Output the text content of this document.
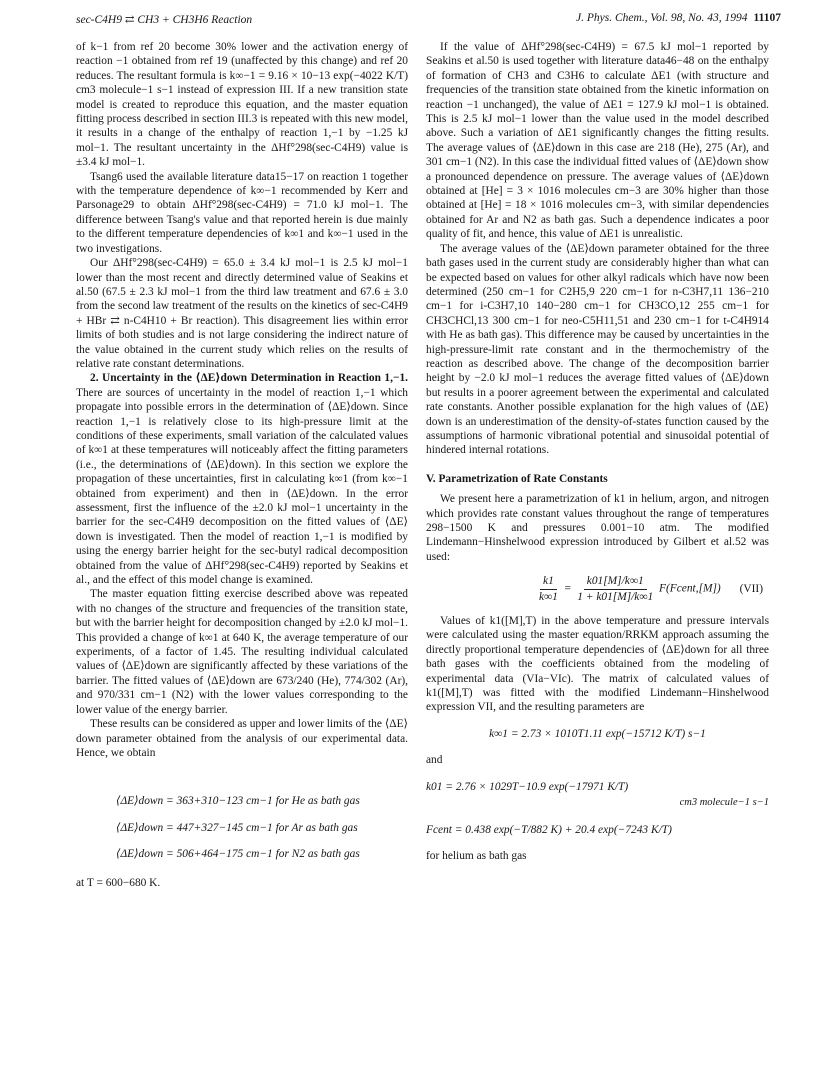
sec-C4H9 ⇄ CH3 + CH3H6 Reaction	J. Phys. Chem., Vol. 98, No. 43, 1994 11107

of k−1 from ref 20 become 30% lower and the activation energy of reaction −1 obtained from ref 19 (unaffected by this change) and ref 20 reduces. The resultant formula is k∞−1 = 9.16 × 10−13 exp(−4022 K/T) cm3 molecule−1 s−1 instead of expression III. If a new transition state model is created to reproduce this equation, and the master equation fitting process described in section III.3 is repeated with this new model, it results in a change of the enthalpy of reaction 1,−1 by −1.25 kJ mol−1. The resultant uncertainty in the ΔHf°298(sec-C4H9) value is ±3.4 kJ mol−1.

Tsang6 used the available literature data15−17 on reaction 1 together with the temperature dependence of k∞−1 recommended by Kerr and Parsonage29 to obtain ΔHf°298(sec-C4H9) = 71.0 kJ mol−1. The difference between Tsang's value and that reported herein is due mainly to the different temperature dependencies of k∞1 and k∞−1 used in the two investigations.

Our ΔHf°298(sec-C4H9) = 65.0 ± 3.4 kJ mol−1 is 2.5 kJ mol−1 lower than the most recent and directly determined value of Seakins et al.50 (67.5 ± 2.3 kJ mol−1 from the third law treatment and 67.6 ± 3.0 from the second law treatment of the results on the kinetics of sec-C4H9 + HBr ⇄ n-C4H10 + Br reaction). This disagreement lies within error limits of both studies and is not large considering the indirect nature of the value obtained in the current study which relies on the results of relative rate constant determinations.

2. Uncertainty in the ⟨ΔE⟩down Determination in Reaction 1,−1. There are sources of uncertainty in the model of reaction 1,−1 which propagate into possible errors in the determination of ⟨ΔE⟩down. Since reaction 1,−1 is relatively close to its high-pressure limit at the conditions of these experiments, small variation of the calculated values of k∞1 at these temperatures will noticeably affect the fitting parameters (i.e., the determinations of ⟨ΔE⟩down). In this section we explore the propagation of these uncertainties, first in calculating k∞1 (from k∞−1 obtained from experiment) and then in ⟨ΔE⟩down. In the error assessment, first the influence of the ±2.0 kJ mol−1 uncertainty in the barrier for the sec-C4H9 decomposition on the fitted values of ⟨ΔE⟩down is investigated. Then the model of reaction 1,−1 is modified by using the energy barrier height for the sec-butyl radical decomposition obtained from the value of ΔHf°298(sec-C4H9) reported by Seakins et al., and the effect of this model change is examined.

The master equation fitting exercise described above was repeated with no changes of the structure and frequencies of the transition state, but with the barrier height for decomposition changed by ±2.0 kJ mol−1. This provided a change of k∞1 at 640 K, the average temperature of our experiments, of a factor of 1.45. The resulting individual calculated values of ⟨ΔE⟩down are significantly affected by these variations of the barrier. The fitted values of ⟨ΔE⟩down are 673/240 (He), 774/302 (Ar), and 970/331 cm−1 (N2) with the lower values corresponding to the lower value of the energy barrier.

These results can be considered as upper and lower limits of the ⟨ΔE⟩down parameter obtained from the analysis of our experimental data. Hence, we obtain

⟨ΔE⟩down = 363+310−123 cm−1 for He as bath gas
⟨ΔE⟩down = 447+327−145 cm−1 for Ar as bath gas
⟨ΔE⟩down = 506+464−175 cm−1 for N2 as bath gas

at T = 600−680 K.

If the value of ΔHf°298(sec-C4H9) = 67.5 kJ mol−1 reported by Seakins et al.50 is used together with literature data46−48 on the enthalpy of formation of CH3 and C3H6 to calculate ΔE1 (with structure and frequencies of the transition state obtained from the kinetic information on reaction −1 unchanged), the value of ΔE1 = 127.9 kJ mol−1 is obtained. This is 2.5 kJ mol−1 lower than the value used in the model described above. Such a variation of ΔE1 significantly changes the fitting results. The average values of ⟨ΔE⟩down in this case are 218 (He), 275 (Ar), and 301 cm−1 (N2). In this case the individual fitted values of ⟨ΔE⟩down show a pronounced dependence on pressure. The average values of ⟨ΔE⟩down obtained at [He] = 3 × 1016 molecules cm−3 are 30% higher than those obtained at [He] = 18 × 1016 molecules cm−3, with similar dependencies obtained for Ar and N2 as bath gas. Such a dependence indicates a poor quality of fit, and hence, this value of ΔE1 is unrealistic.

The average values of the ⟨ΔE⟩down parameter obtained for the three bath gases used in the current study are considerably higher than what can be expected based on values for other alkyl radicals which have now been determined (250 cm−1 for C2H5,9 220 cm−1 for n-C3H7,11 136−210 cm−1 for i-C3H7,10 140−280 cm−1 for CH3CO,12 255 cm−1 for CH3CHCl,13 300 cm−1 for neo-C5H11,51 and 230 cm−1 for t-C4H914 with He as bath gas). This difference may be caused by uncertainties in the high-pressure-limit rate constant and in the thermochemistry of the reaction as described above. The change of the decomposition barrier height by −2.0 kJ mol−1 reduces the average fitted values of ⟨ΔE⟩down but results in a poorer agreement between the experimental and calculated rate constants. Another possible explanation for the high values of ⟨ΔE⟩down is an underestimation of the density-of-states function caused by the assumptions of harmonic vibrational potential and sinusoidal potential of hindered internal rotations.

V. Parametrization of Rate Constants

We present here a parametrization of k1 in helium, argon, and nitrogen which provides rate constant values throughout the range of temperatures 298−1500 K and pressures 0.001−10 atm. The modified Lindemann−Hinshelwood expression introduced by Gilbert et al.52 was used:

$\frac{k1}{k\infty 1} = \frac{k01[M]/k\infty 1}{1 + k01[M]/k\infty 1}$ F(Fcent,[M]) (VII)

Values of k1([M],T) in the above temperature and pressure intervals were calculated using the master equation/RRKM approach assuming the directly proportional temperature dependencies of ⟨ΔE⟩down for all three bath gases with the coefficients obtained from the modeling of experimental data (VIa−VIc). The matrix of calculated values of k1([M],T) was fitted with the modified Lindemann−Hinshelwood expression VII, and the resulting parameters are

k∞1 = 2.73 × 1010T1.11 exp(−15712 K/T) s−1

and

k01 = 2.76 × 1029T−10.9 exp(−17971 K/T)
cm3 molecule−1 s−1
Fcent = 0.438 exp(−T/882 K) + 20.4 exp(−7243 K/T)

for helium as bath gas
